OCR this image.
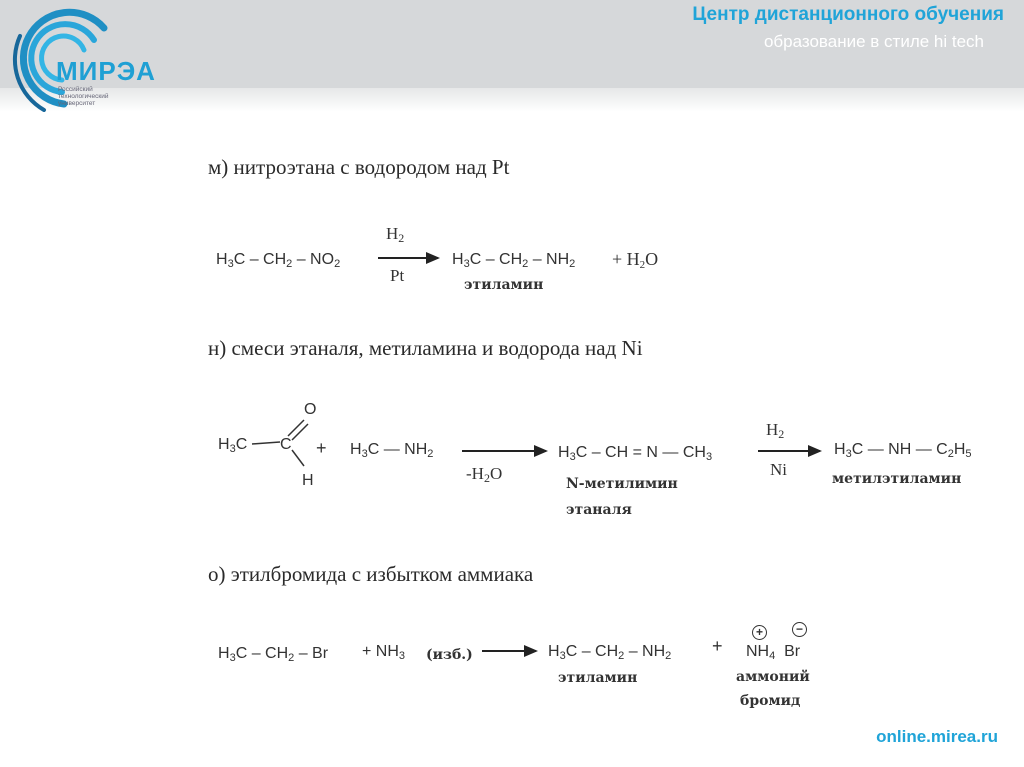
МИРЭА
Российский технологический университет
Центр дистанционного обучения
образование в стиле hi tech
м) нитроэтана с водородом над Pt
$H_3C - CH_2 - NO_2$
$H_2$
Pt
$H_3C - CH_2 - NH_2 + H_2O$
этиламин
н) смеси этаналя, метиламина и водорода над Ni
$H_3C$ C
O
H
+ $H_3C$ — $NH_2$
$-H_2O$
$H_3C$ – CH = N — $CH_3$
N-метилимин
этаналя
$H_2$
Ni
$H_3C$ — NH — $C_2H_5$
метилэтиламин
о) этилбромида с избытком аммиака
$H_3C - CH_2 - Br + NH_3$ (изб.)	$H_3C - CH_2 - NH_2$
этиламин
+
+	−
$NH_4$  Br
аммоний
бромид
online.mirea.ru
